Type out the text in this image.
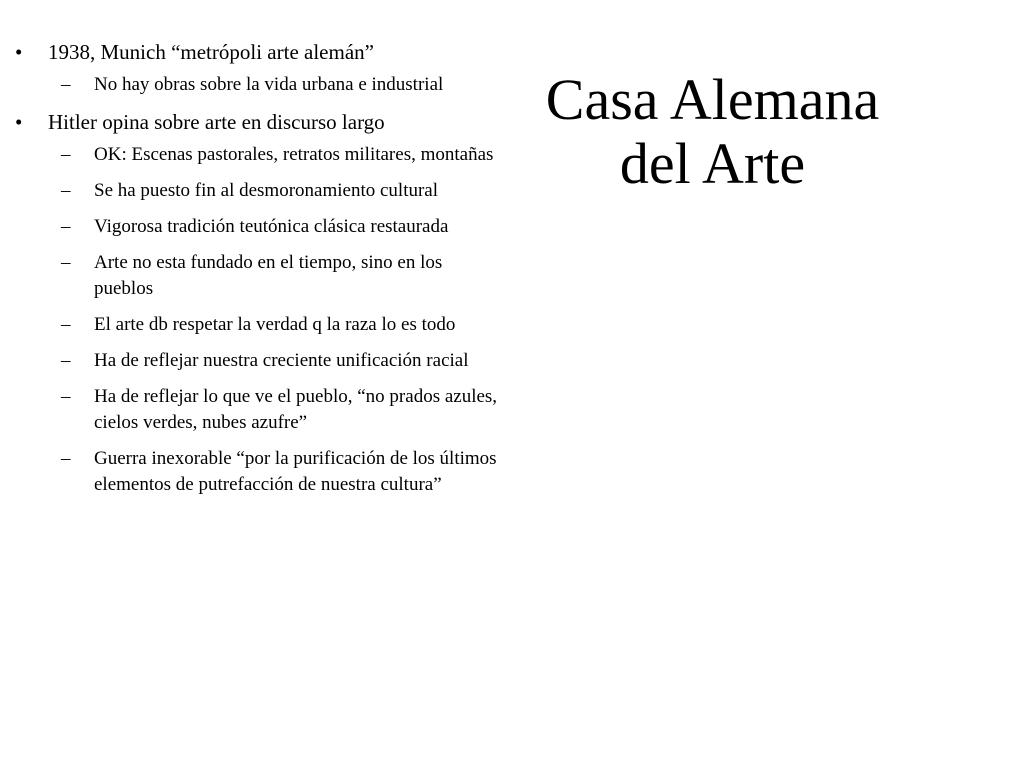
Casa Alemana
del Arte
• 1938, Munich “metrópoli arte alemán”
–	No hay obras sobre la vida urbana e industrial
• Hitler opina sobre arte en discurso largo
–	OK: Escenas pastorales, retratos militares, montañas
–	Se ha puesto fin al desmoronamiento cultural
–	Vigorosa tradición teutónica clásica restaurada
–	Arte no esta fundado en el tiempo, sino en los pueblos
–	El arte db respetar la verdad q la raza lo es todo
–	Ha de reflejar nuestra creciente unificación racial
–	Ha de reflejar lo que ve el pueblo, “no prados azules, cielos verdes, nubes azufre”
–	Guerra inexorable “por la purificación de los últimos elementos de putrefacción de nuestra cultura”
